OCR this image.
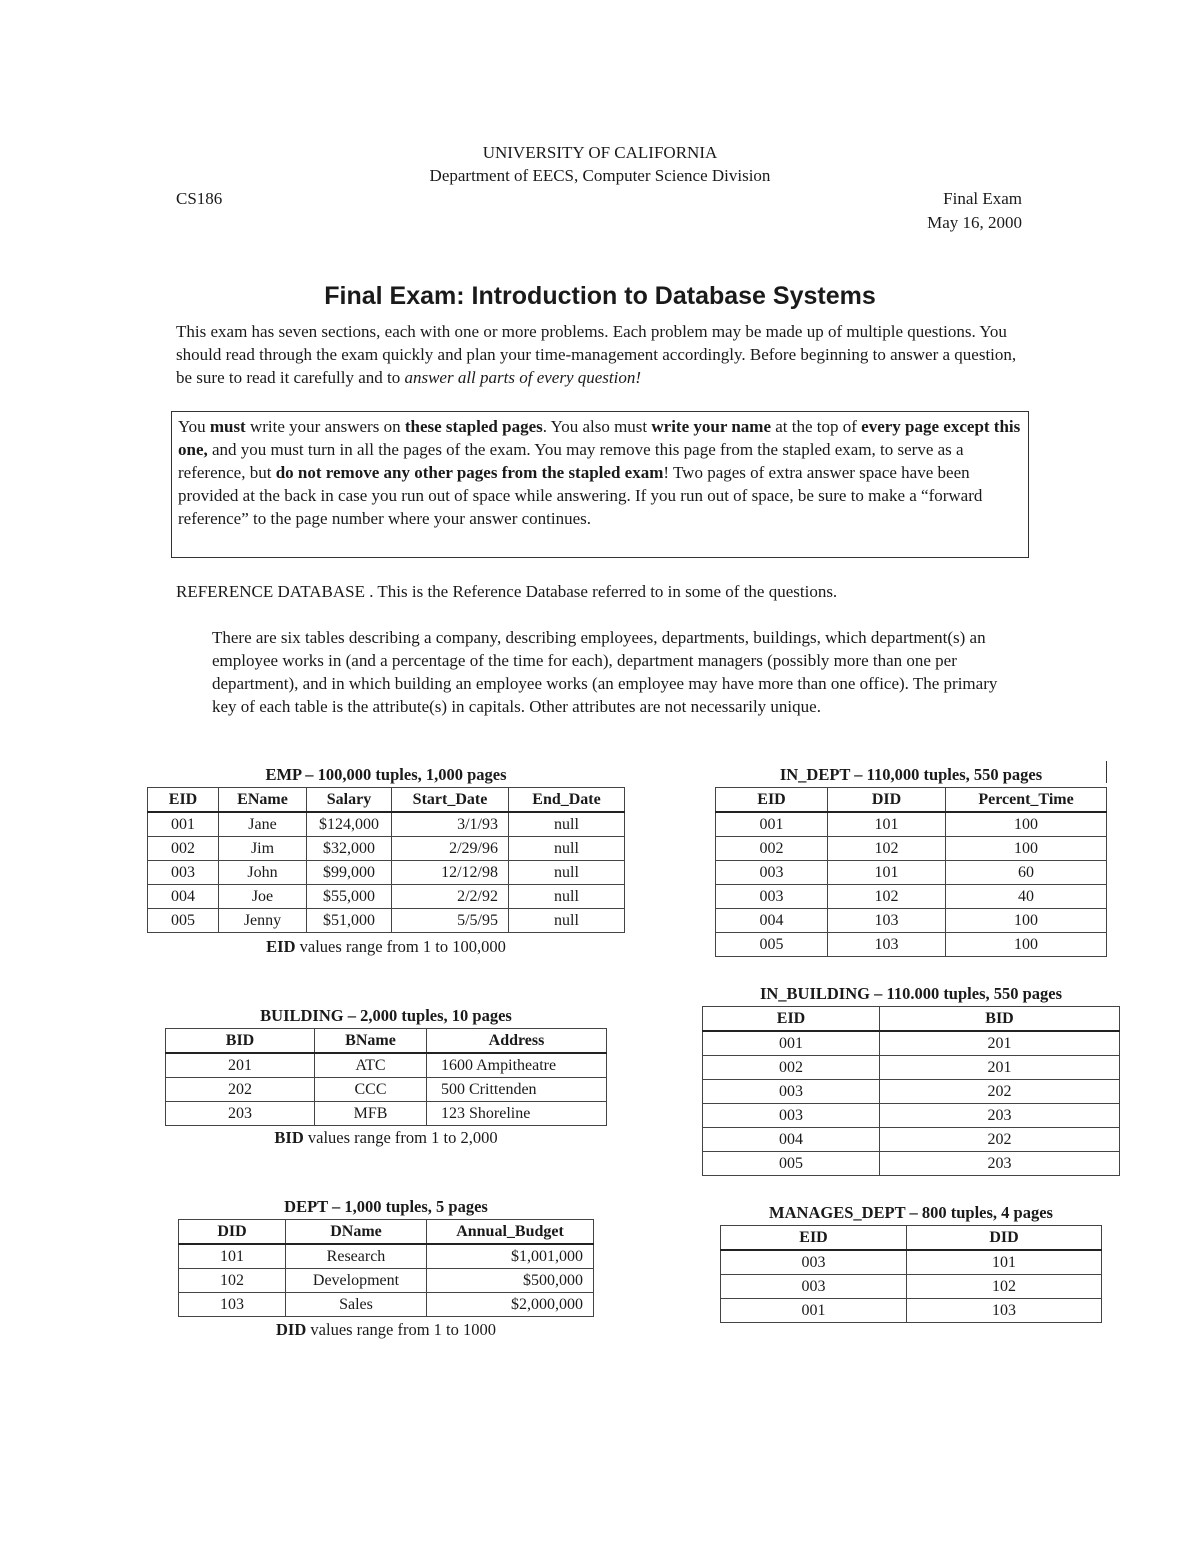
UNIVERSITY OF CALIFORNIA
Department of EECS, Computer Science Division
CS186	Final Exam
May 16, 2000
Final Exam: Introduction to Database Systems
This exam has seven sections, each with one or more problems. Each problem may be made up of multiple questions. You should read through the exam quickly and plan your time-management accordingly. Before beginning to answer a question, be sure to read it carefully and to answer all parts of every question!
You must write your answers on these stapled pages. You also must write your name at the top of every page except this one, and you must turn in all the pages of the exam. You may remove this page from the stapled exam, to serve as a reference, but do not remove any other pages from the stapled exam! Two pages of extra answer space have been provided at the back in case you run out of space while answering. If you run out of space, be sure to make a “forward reference” to the page number where your answer continues.
REFERENCE DATABASE . This is the Reference Database referred to in some of the questions.
There are six tables describing a company, describing employees, departments, buildings, which department(s) an employee works in (and a percentage of the time for each), department managers (possibly more than one per department), and in which building an employee works (an employee may have more than one office). The primary key of each table is the attribute(s) in capitals. Other attributes are not necessarily unique.
EMP – 100,000 tuples, 1,000 pages
EID	EName	Salary	Start_Date	End_Date
001	Jane	$124,000	3/1/93	null
002	Jim	$32,000	2/29/96	null
003	John	$99,000	12/12/98	null
004	Joe	$55,000	2/2/92	null
005	Jenny	$51,000	5/5/95	null
EID values range from 1 to 100,000
IN_DEPT – 110,000 tuples, 550 pages
EID	DID	Percent_Time
001	101	100
002	102	100
003	101	60
003	102	40
004	103	100
005	103	100
BUILDING – 2,000 tuples, 10 pages
BID	BName	Address
201	ATC	1600 Ampitheatre
202	CCC	500 Crittenden
203	MFB	123 Shoreline
BID values range from 1 to 2,000
IN_BUILDING – 110.000 tuples, 550 pages
EID	BID
001	201
002	201
003	202
003	203
004	202
005	203
DEPT – 1,000 tuples, 5 pages
DID	DName	Annual_Budget
101	Research	$1,001,000
102	Development	$500,000
103	Sales	$2,000,000
DID values range from 1 to 1000
MANAGES_DEPT – 800 tuples, 4 pages
EID	DID
003	101
003	102
001	103
